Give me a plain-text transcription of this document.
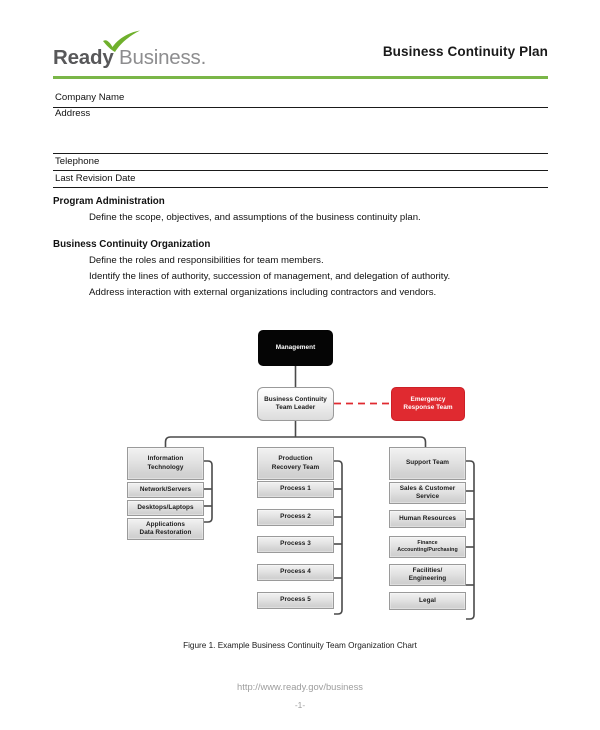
Ready Business.	Business Continuity Plan
Company Name
Address
Telephone
Last Revision Date
Program Administration
Define the scope, objectives, and assumptions of the business continuity plan.
Business Continuity Organization
Define the roles and responsibilities for team members.
Identify the lines of authority, succession of management, and delegation of authority.
Address interaction with external organizations including contractors and vendors.
Management
Business Continuity
Team Leader
Emergency
Response Team
Information
Technology
Network/Servers
Desktops/Laptops
Applications
Data Restoration
Production
Recovery Team
Process 1
Process 2
Process 3
Process 4
Process 5
Support Team
Sales & Customer
Service
Human Resources
Finance
Accounting/Purchasing
Facilities/
Engineering
Legal
Figure 1. Example Business Continuity Team Organization Chart
http://www.ready.gov/business
-1-
